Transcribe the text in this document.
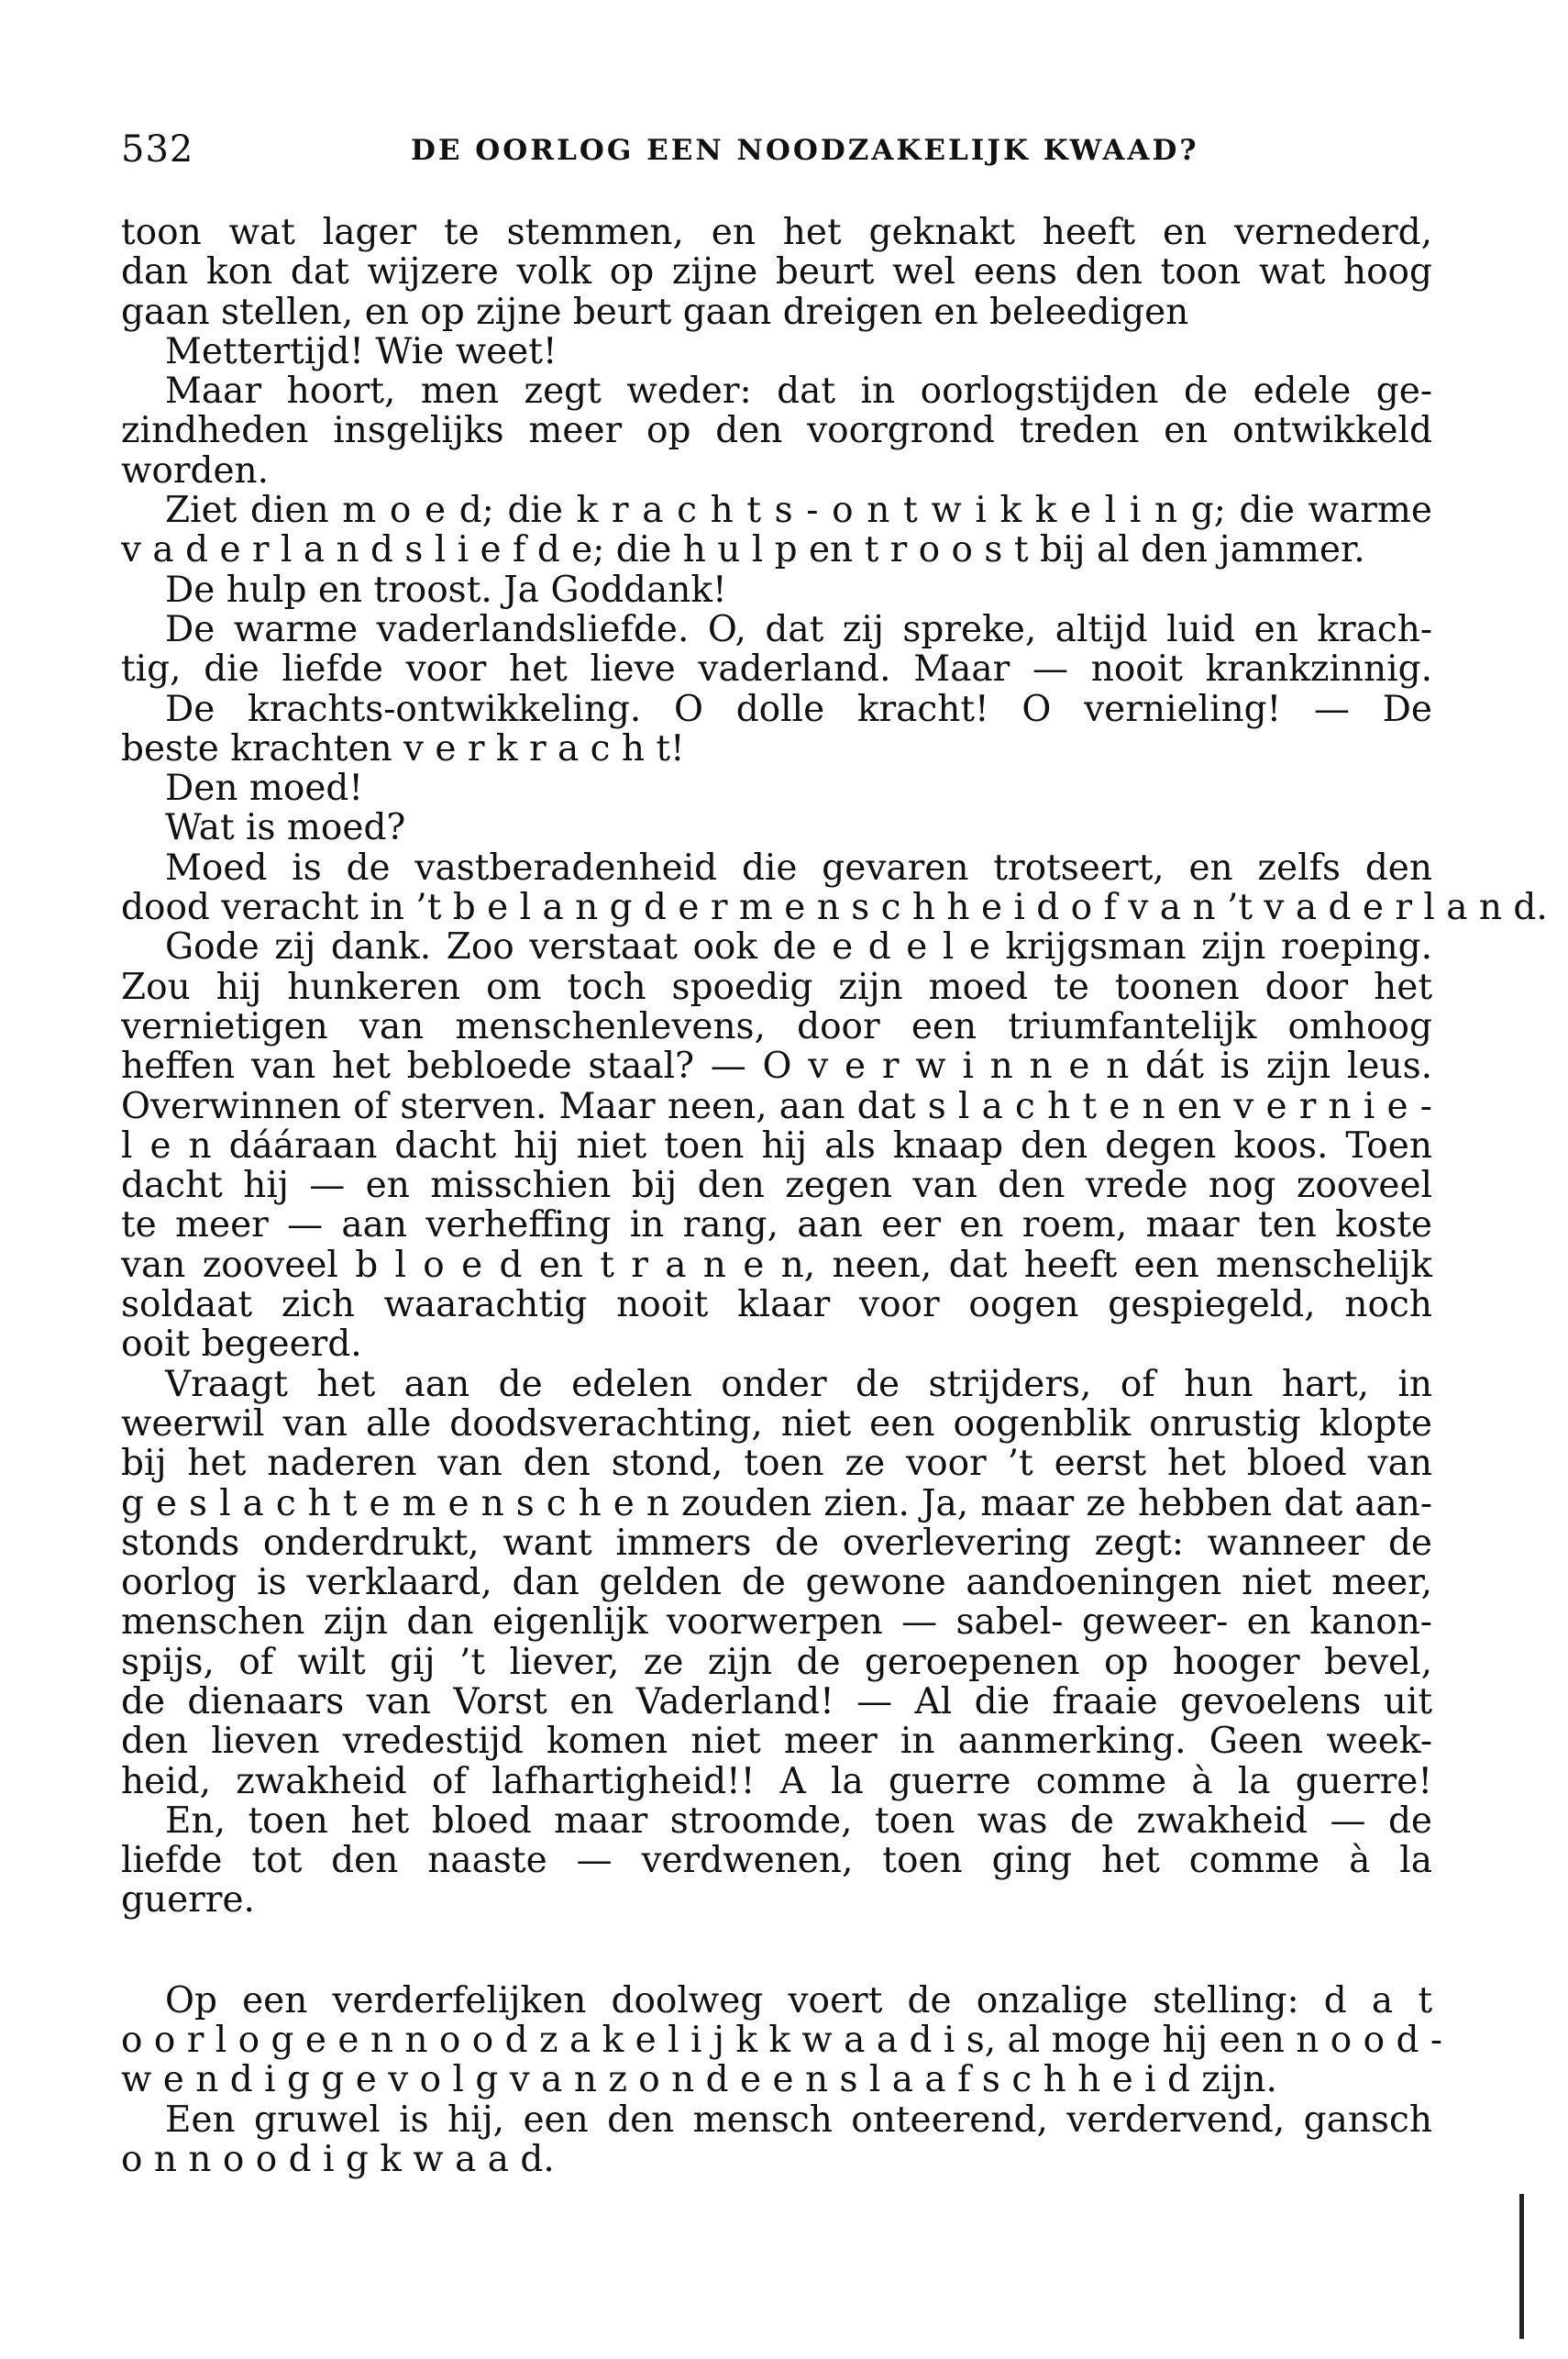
532	DE OORLOG EEN NOODZAKELIJK KWAAD?
toon wat lager te stemmen, en het geknakt heeft en vernederd,
dan kon dat wijzere volk op zijne beurt wel eens den toon wat hoog
gaan stellen, en op zijne beurt gaan dreigen en beleedigen
Mettertijd! Wie weet!
Maar hoort, men zegt weder: dat in oorlogstijden de edele ge-
zindheden insgelijks meer op den voorgrond treden en ontwikkeld
worden.
Ziet dien m o e d; die k r a c h t s - o n t w i k k e l i n g; die warme
v a d e r l a n d s l i e f d e; die h u l p en t r o o s t bij al den jammer.
De hulp en troost. Ja Goddank!
De warme vaderlandsliefde. O, dat zij spreke, altijd luid en krach-
tig, die liefde voor het lieve vaderland. Maar — nooit krankzinnig.
De krachts-ontwikkeling. O dolle kracht! O vernieling! — De
beste krachten v e r k r a c h t!
Den moed!
Wat is moed?
Moed is de vastberadenheid die gevaren trotseert, en zelfs den
dood veracht in ’t b e l a n g d e r m e n s c h h e i d o f v a n ’t v a d e r l a n d.
Gode zij dank. Zoo verstaat ook de e d e l e krijgsman zijn roeping.
Zou hij hunkeren om toch spoedig zijn moed te toonen door het
vernietigen van menschenlevens, door een triumfantelijk omhoog
heffen van het bebloede staal? — O v e r w i n n e n dát is zijn leus.
Overwinnen of sterven. Maar neen, aan dat s l a c h t e n en v e r n i e -
l e n dááraan dacht hij niet toen hij als knaap den degen koos. Toen
dacht hij — en misschien bij den zegen van den vrede nog zooveel
te meer — aan verheffing in rang, aan eer en roem, maar ten koste
van zooveel b l o e d en t r a n e n, neen, dat heeft een menschelijk
soldaat zich waarachtig nooit klaar voor oogen gespiegeld, noch
ooit begeerd.
Vraagt het aan de edelen onder de strijders, of hun hart, in
weerwil van alle doodsverachting, niet een oogenblik onrustig klopte
bij het naderen van den stond, toen ze voor ’t eerst het bloed van
g e s l a c h t e m e n s c h e n zouden zien. Ja, maar ze hebben dat aan-
stonds onderdrukt, want immers de overlevering zegt: wanneer de
oorlog is verklaard, dan gelden de gewone aandoeningen niet meer,
menschen zijn dan eigenlijk voorwerpen — sabel- geweer- en kanon-
spijs, of wilt gij ’t liever, ze zijn de geroepenen op hooger bevel,
de dienaars van Vorst en Vaderland! — Al die fraaie gevoelens uit
den lieven vredestijd komen niet meer in aanmerking. Geen week-
heid, zwakheid of lafhartigheid!! A la guerre comme à la guerre!
En, toen het bloed maar stroomde, toen was de zwakheid — de
liefde tot den naaste — verdwenen, toen ging het comme à la
guerre.
Op een verderfelijken doolweg voert de onzalige stelling: d a t
o o r l o g e e n n o o d z a k e l i j k k w a a d i s, al moge hij een n o o d -
w e n d i g g e v o l g v a n z o n d e e n s l a a f s c h h e i d zijn.
Een gruwel is hij, een den mensch onteerend, verdervend, gansch
o n n o o d i g k w a a d.
